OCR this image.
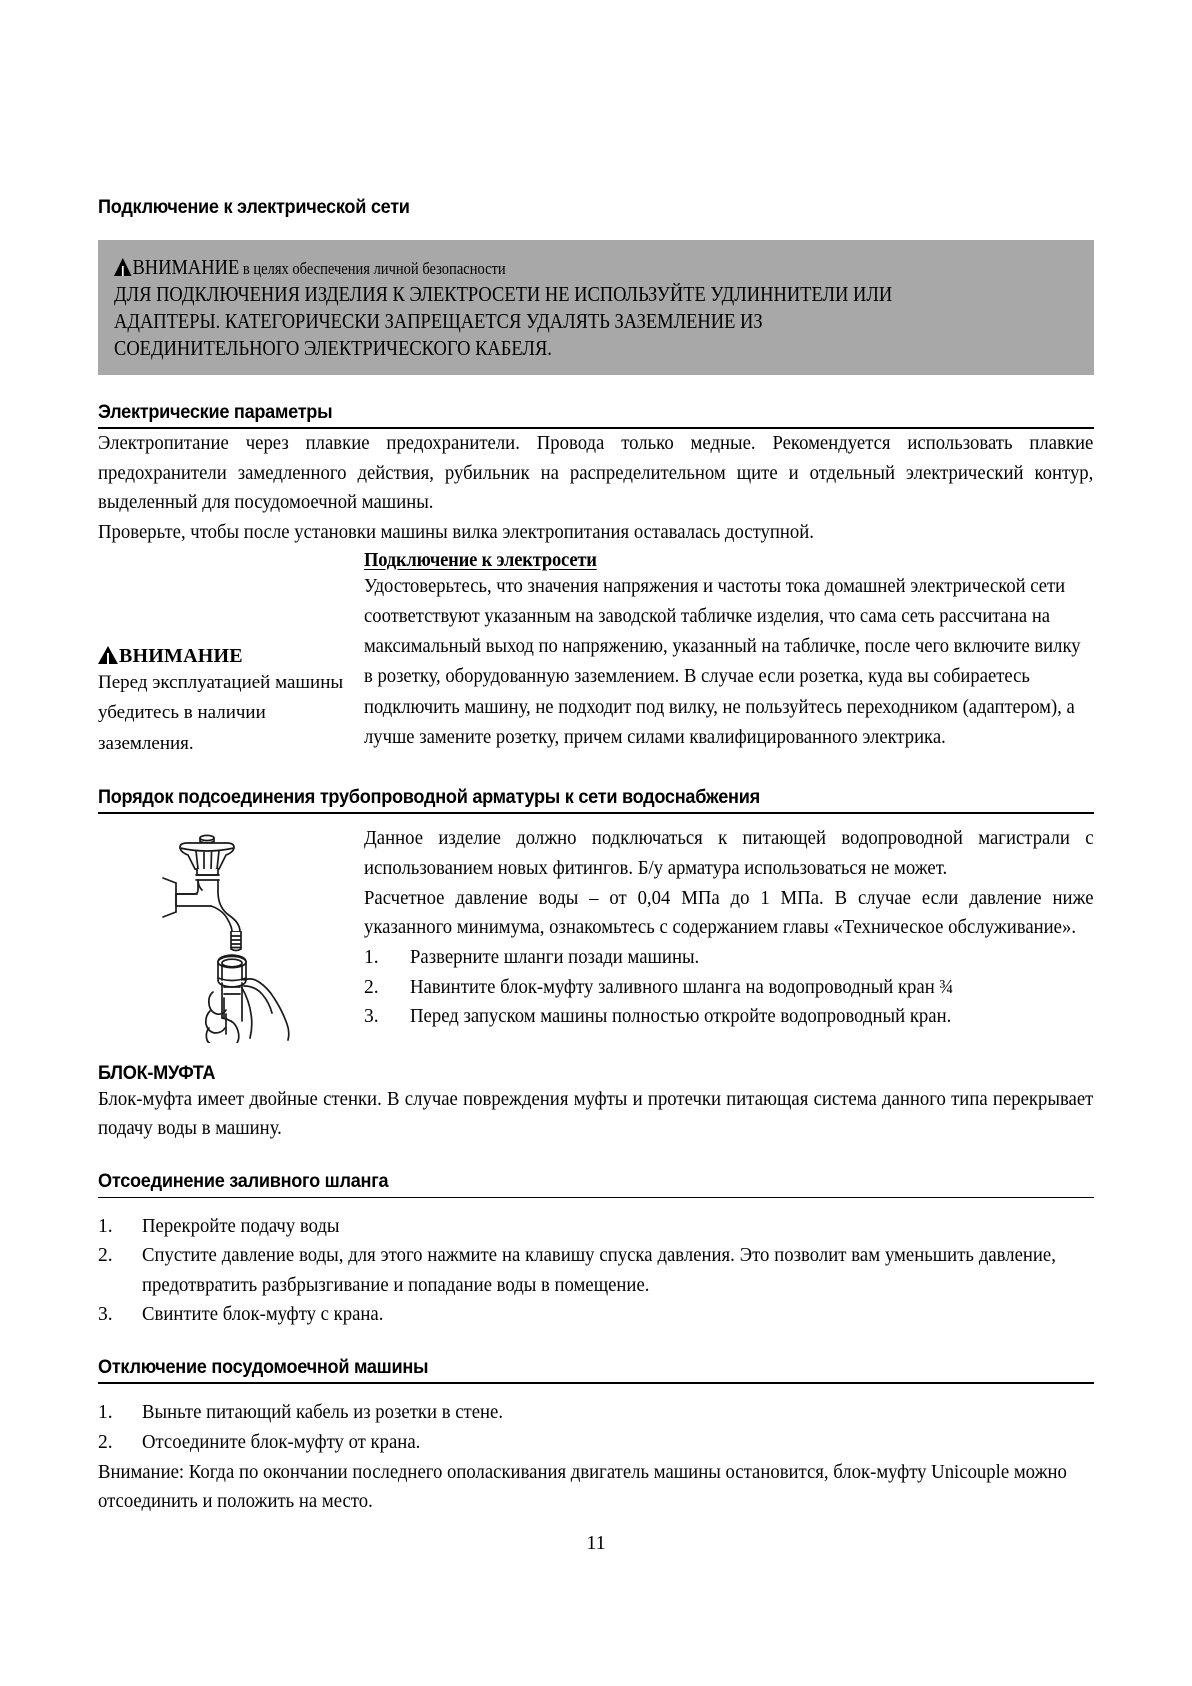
Подключение к электрической сети
ВНИМАНИЕ в целях обеспечения личной безопасности
ДЛЯ ПОДКЛЮЧЕНИЯ ИЗДЕЛИЯ К ЭЛЕКТРОСЕТИ НЕ ИСПОЛЬЗУЙТЕ УДЛИННИТЕЛИ ИЛИ
АДАПТЕРЫ. КАТЕГОРИЧЕСКИ ЗАПРЕЩАЕТСЯ УДАЛЯТЬ ЗАЗЕМЛЕНИЕ ИЗ
СОЕДИНИТЕЛЬНОГО ЭЛЕКТРИЧЕСКОГО КАБЕЛЯ.
Электрические параметры

Электропитание через плавкие предохранители. Провода только медные. Рекомендуется использовать плавкие предохранители замедленного действия, рубильник на распределительном щите и отдельный электрический контур, выделенный для посудомоечной машины.

Проверьте, чтобы после установки машины вилка электропитания оставалась доступной.

ВНИМАНИЕ
Перед эксплуатацией машины убедитесь в наличии заземления.
Подключение к электросети
Удостоверьтесь, что значения напряжения и частоты тока домашней электрической сети соответствуют указанным на заводской табличке изделия, что сама сеть рассчитана на максимальный выход по напряжению, указанный на табличке, после чего включите вилку в розетку, оборудованную заземлением. В случае если розетка, куда вы собираетесь подключить машину, не подходит под вилку, не пользуйтесь переходником (адаптером), а лучше замените розетку, причем силами квалифицированного электрика.
Порядок подсоединения трубопроводной арматуры к сети водоснабжения

Данное изделие должно подключаться к питающей водопроводной магистрали с использованием новых фитингов. Б/у арматура использоваться не может.

Расчетное давление воды – от 0,04 МПа до 1 МПа. В случае если давление ниже указанного минимума, ознакомьтесь с содержанием главы «Техническое обслуживание».

1.	Разверните шланги позади машины.
2.	Навинтите блок-муфту заливного шланга на водопроводный кран ¾
3.	Перед запуском машины полностью откройте водопроводный кран.
БЛОК-МУФТА

Блок-муфта имеет двойные стенки. В случае повреждения муфты и протечки питающая система данного типа перекрывает подачу воды в машину.

Отсоединение заливного шланга
1.	Перекройте подачу воды
2.	Спустите давление воды, для этого нажмите на клавишу спуска давления. Это позволит вам уменьшить давление, предотвратить разбрызгивание и попадание воды в помещение.
3.	Свинтите блок-муфту с крана.
Отключение посудомоечной машины
1.	Выньте питающий кабель из розетки в стене.
2.	Отсоедините блок-муфту от крана.

Внимание: Когда по окончании последнего ополаскивания двигатель машины остановится, блок-муфту Unicouple можно отсоединить и положить на место.

11
